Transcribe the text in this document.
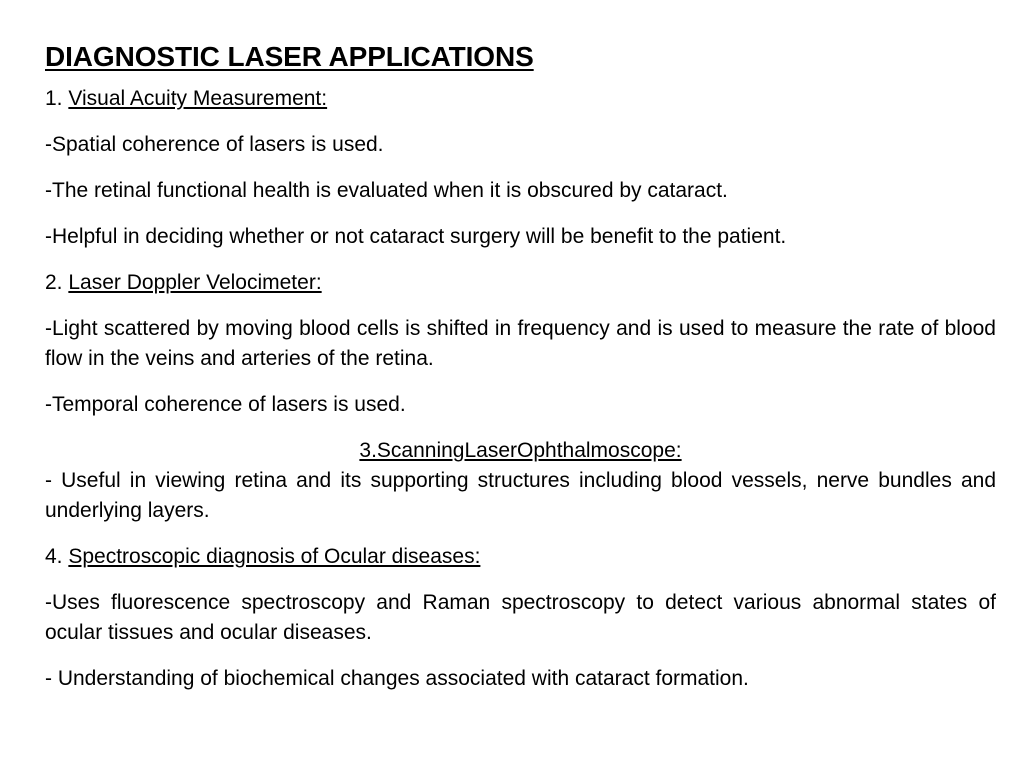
DIAGNOSTIC LASER APPLICATIONS
1. Visual Acuity Measurement:
-Spatial coherence of lasers is used.
-The retinal functional health is evaluated when it is obscured by cataract.
-Helpful in deciding whether or not cataract surgery will be benefit to the patient.
2. Laser Doppler Velocimeter:
-Light scattered by moving blood cells is shifted in frequency and is used to measure the rate of blood flow in the veins and arteries of the retina.
-Temporal coherence of lasers is used.
3.ScanningLaserOphthalmoscope:
- Useful in viewing retina and its supporting structures including blood vessels, nerve bundles and underlying layers.
4. Spectroscopic diagnosis of Ocular diseases:
-Uses fluorescence spectroscopy and Raman spectroscopy to detect various abnormal states of ocular tissues and ocular diseases.
- Understanding of biochemical changes associated with cataract formation.
